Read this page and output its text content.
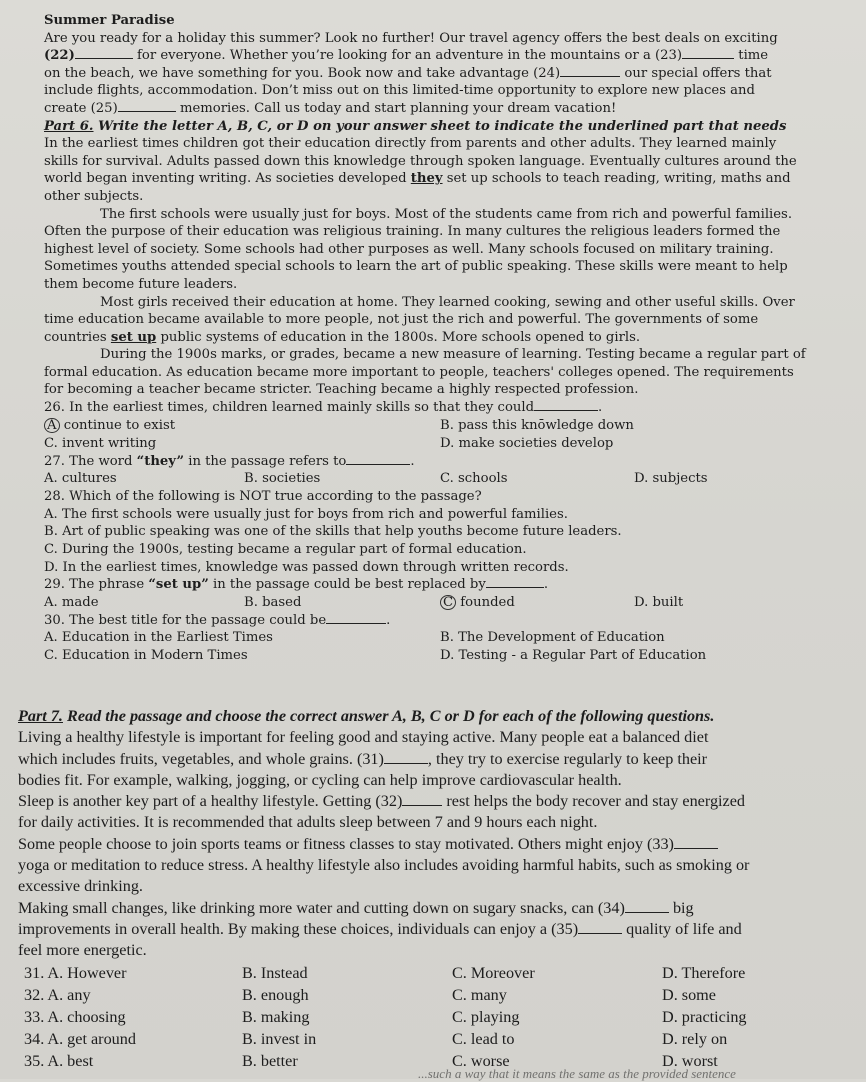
Summer Paradise
Are you ready for a holiday this summer? Look no further! Our travel agency offers the best deals on exciting
(22)	for everyone. Whether you’re looking for an adventure in the mountains or a (23)	time
on the beach, we have something for you. Book now and take advantage (24)	our special offers that
include flights, accommodation. Don’t miss out on this limited-time opportunity to explore new places and
create (25)	memories. Call us today and start planning your dream vacation!
Part 6. Write the letter A, B, C, or D on your answer sheet to indicate the underlined part that needs
In the earliest times children got their education directly from parents and other adults. They learned mainly
skills for survival. Adults passed down this knowledge through spoken language. Eventually cultures around the
world began inventing writing. As societies developed they set up schools to teach reading, writing, maths and
other subjects.
The first schools were usually just for boys. Most of the students came from rich and powerful families.
Often the purpose of their education was religious training. In many cultures the religious leaders formed the
highest level of society. Some schools had other purposes as well. Many schools focused on military training.
Sometimes youths attended special schools to learn the art of public speaking. These skills were meant to help
them become future leaders.
Most girls received their education at home. They learned cooking, sewing and other useful skills. Over
time education became available to more people, not just the rich and powerful. The governments of some
countries set up public systems of education in the 1800s. More schools opened to girls.
During the 1900s marks, or grades, became a new measure of learning. Testing became a regular part of
formal education. As education became more important to people, teachers' colleges opened. The requirements
for becoming a teacher became stricter. Teaching became a highly respected profession.
26. In the earliest times, children learned mainly skills so that they could	.
A continue to exist	B. pass this knōwledge down
C. invent writing	D. make societies develop
27. The word “they” in the passage refers to	.
A. cultures	B. societies	C. schools	D. subjects
28. Which of the following is NOT true according to the passage?
A. The first schools were usually just for boys from rich and powerful families.
B. Art of public speaking was one of the skills that help youths become future leaders.
C. During the 1900s, testing became a regular part of formal education.
D. In the earliest times, knowledge was passed down through written records.
29. The phrase “set up” in the passage could be best replaced by	.
A. made	B. based	C founded	D. built
30. The best title for the passage could be	.
A. Education in the Earliest Times	B. The Development of Education
C. Education in Modern Times	D. Testing - a Regular Part of Education
Part 7. Read the passage and choose the correct answer A, B, C or D for each of the following questions.
Living a healthy lifestyle is important for feeling good and staying active. Many people eat a balanced diet
which includes fruits, vegetables, and whole grains. (31)	, they try to exercise regularly to keep their
bodies fit. For example, walking, jogging, or cycling can help improve cardiovascular health.
Sleep is another key part of a healthy lifestyle. Getting (32)	rest helps the body recover and stay energized
for daily activities. It is recommended that adults sleep between 7 and 9 hours each night.
Some people choose to join sports teams or fitness classes to stay motivated. Others might enjoy (33)
yoga or meditation to reduce stress. A healthy lifestyle also includes avoiding harmful habits, such as smoking or
excessive drinking.
Making small changes, like drinking more water and cutting down on sugary snacks, can (34)	big
improvements in overall health. By making these choices, individuals can enjoy a (35)	quality of life and
feel more energetic.
31. A. However	B. Instead	C. Moreover	D. Therefore
32. A. any	B. enough	C. many	D. some
33. A. choosing	B. making	C. playing	D. practicing
34. A. get around	B. invest in	C. lead to	D. rely on
35. A. best	B. better	C. worse	D. worst
...such a way that it means the same as the provided sentence
